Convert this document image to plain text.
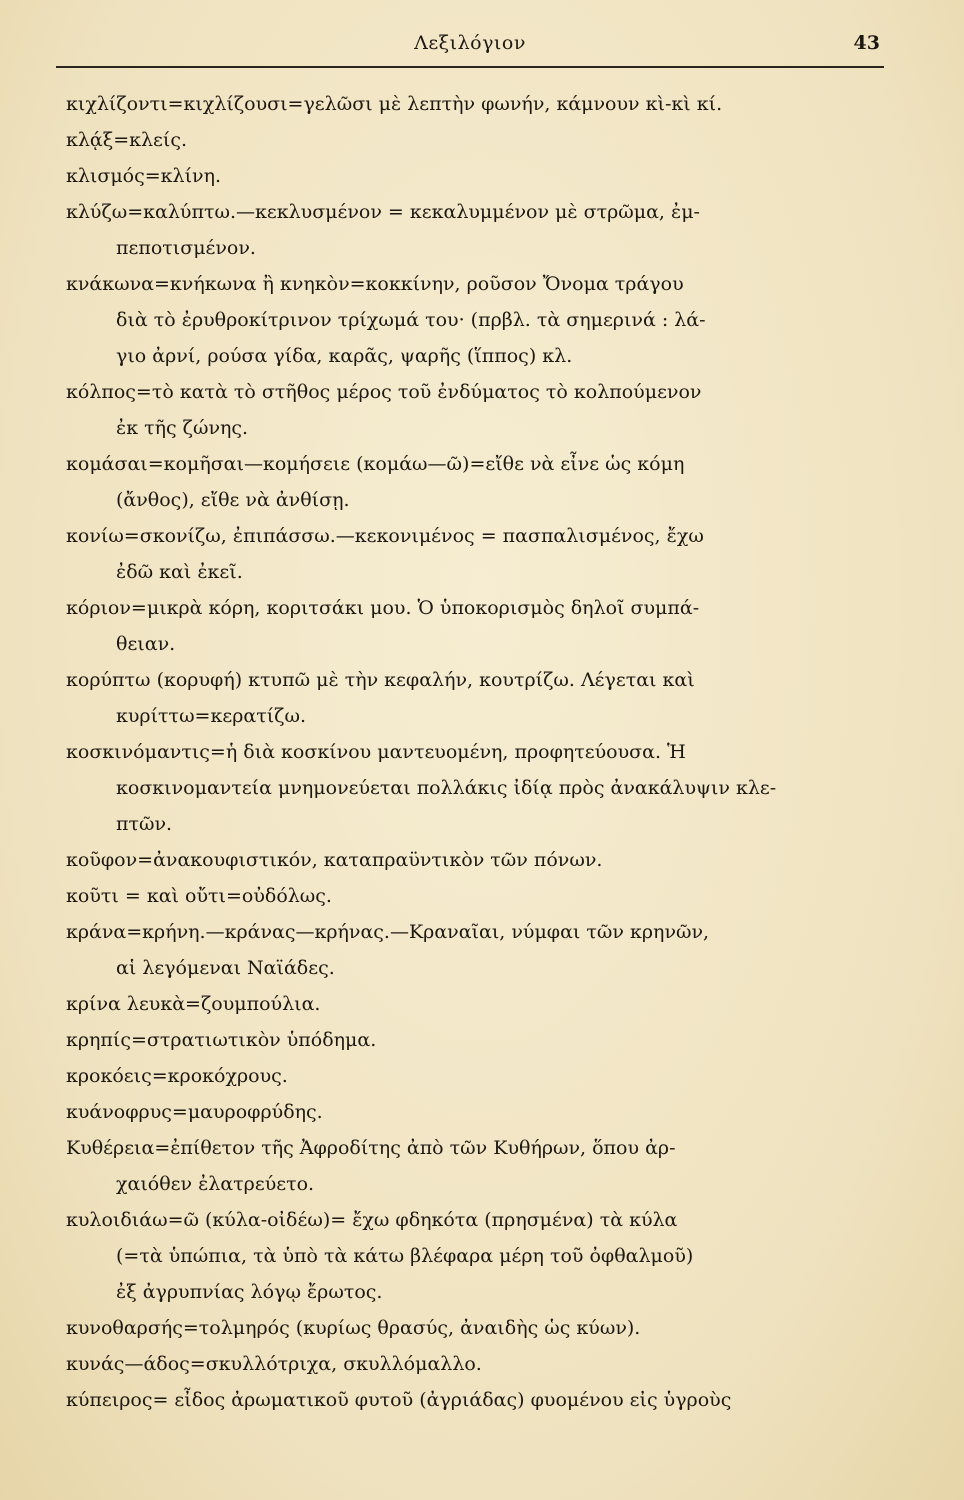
Λεξιλόγιον	43
κιχλίζοντι=κιχλίζουσι=γελῶσι μὲ λεπτὴν φωνήν, κάμνουν κὶ-κὶ κί.
κλᾴξ=κλείς.
κλισμός=κλίνη.
κλύζω=καλύπτω.—κεκλυσμένον = κεκαλυμμένον μὲ στρῶμα, ἐμ-
πεποτισμένον.
κνάκωνα=κνήκωνα ἢ κνηκὸν=κοκκίνην, ροῦσον Ὄνομα τράγου
διὰ τὸ ἐρυθροκίτρινον τρίχωμά του· (πρβλ. τὰ σημερινά : λά-
γιο ἀρνί, ρούσα γίδα, καρᾶς, ψαρῆς (ἵππος) κλ.
κόλπος=τὸ κατὰ τὸ στῆθος μέρος τοῦ ἐνδύματος τὸ κολπούμενον
ἐκ τῆς ζώνης.
κομάσαι=κομῆσαι—κομήσειε (κομάω—ῶ)=εἴθε νὰ εἶνε ὡς κόμη
(ἄνθος), εἴθε νὰ ἀνθίσῃ.
κονίω=σκονίζω, ἐπιπάσσω.—κεκονιμένος = πασπαλισμένος, ἔχω
ἐδῶ καὶ ἐκεῖ.
κόριον=μικρὰ κόρη, κοριτσάκι μου. Ὁ ὑποκορισμὸς δηλοῖ συμπά-
θειαν.
κορύπτω (κορυφή) κτυπῶ μὲ τὴν κεφαλήν, κουτρίζω. Λέγεται καὶ
κυρίττω=κερατίζω.
κοσκινόμαντις=ἡ διὰ κοσκίνου μαντευομένη, προφητεύουσα. Ἡ
κοσκινομαντεία μνημονεύεται πολλάκις ἰδίᾳ πρὸς ἀνακάλυψιν κλε-
πτῶν.
κοῦφον=ἀνακουφιστικόν, καταπραϋντικὸν τῶν πόνων.
κοῦτι = καὶ οὔτι=οὐδόλως.
κράνα=κρήνη.—κράνας—κρήνας.—Κραναῖαι, νύμφαι τῶν κρηνῶν,
αἱ λεγόμεναι Ναϊάδες.
κρίνα λευκὰ=ζουμπούλια.
κρηπίς=στρατιωτικὸν ὑπόδημα.
κροκόεις=κροκόχρους.
κυάνοφρυς=μαυροφρύδης.
Κυθέρεια=ἐπίθετον τῆς Ἀφροδίτης ἀπὸ τῶν Κυθήρων, ὅπου ἀρ-
χαιόθεν ἐλατρεύετο.
κυλοιδιάω=ῶ (κύλα-οἰδέω)= ἔχω φδηκότα (πρησμένα) τὰ κύλα
(=τὰ ὑπώπια, τὰ ὑπὸ τὰ κάτω βλέφαρα μέρη τοῦ ὀφθαλμοῦ)
ἐξ ἀγρυπνίας λόγῳ ἔρωτος.
κυνοθαρσής=τολμηρός (κυρίως θρασύς, ἀναιδὴς ὡς κύων).
κυνάς—άδος=σκυλλότριχα, σκυλλόμαλλο.
κύπειρος= εἶδος ἀρωματικοῦ φυτοῦ (ἀγριάδας) φυομένου εἰς ὑγροὺς
